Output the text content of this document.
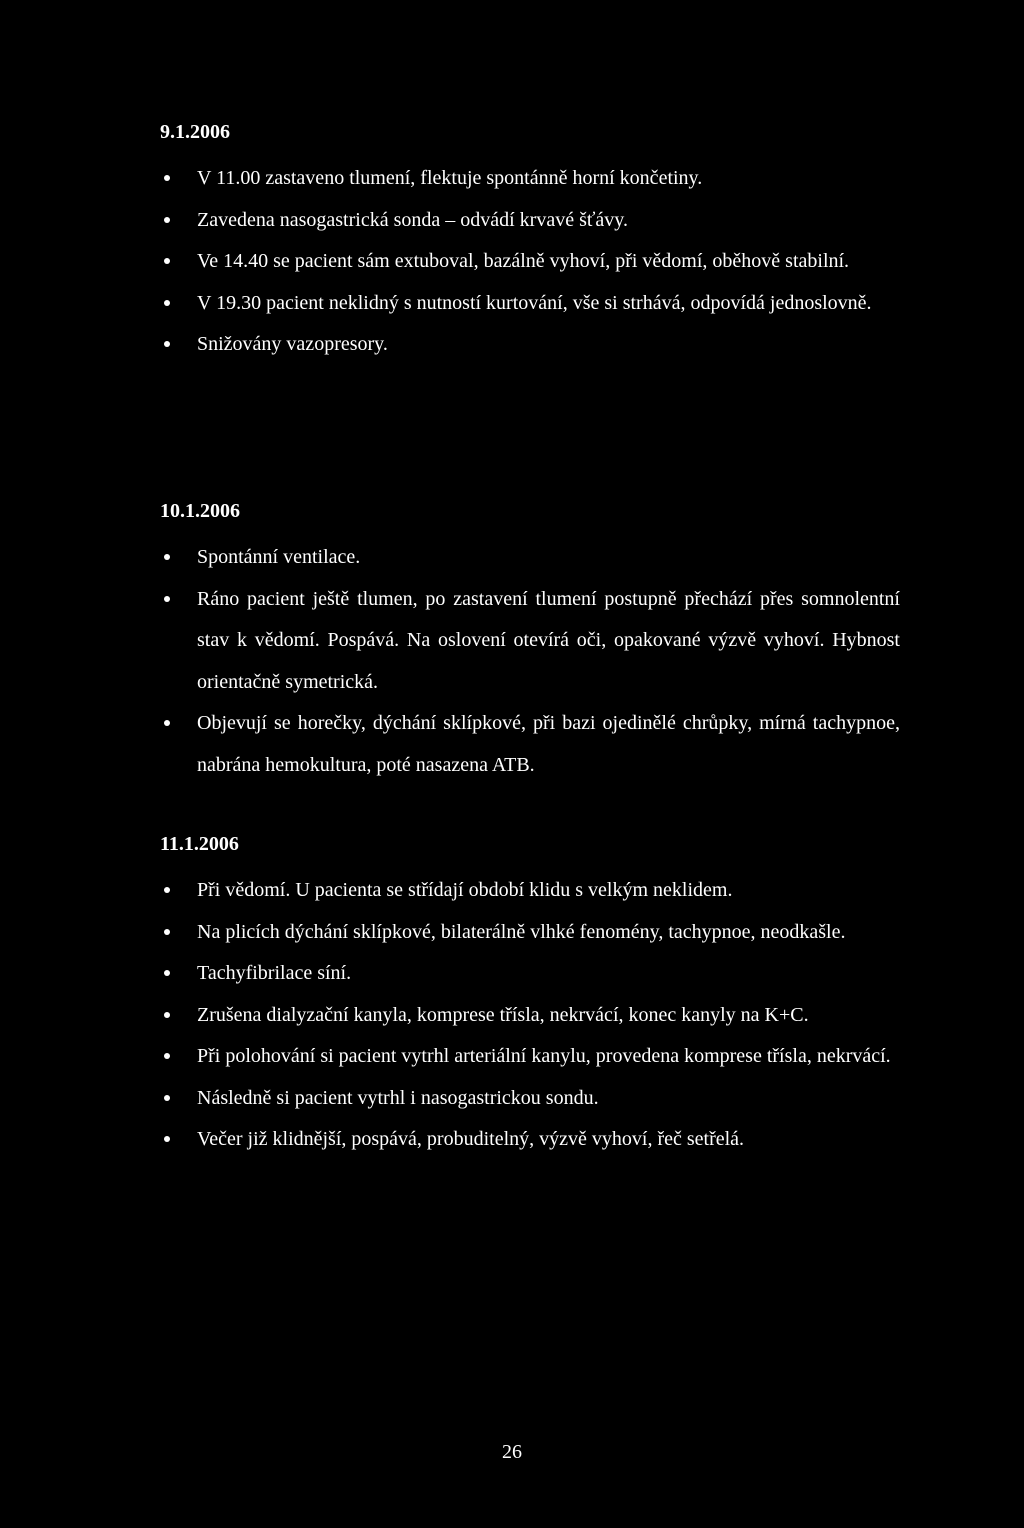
9.1.2006
V 11.00 zastaveno tlumení, flektuje spontánně horní končetiny.
Zavedena nasogastrická sonda – odvádí krvavé šťávy.
Ve 14.40 se pacient sám extuboval, bazálně vyhoví, při vědomí, oběhově stabilní.
V 19.30 pacient neklidný s nutností kurtování, vše si strhává, odpovídá jednoslovně.
Snižovány vazopresory.
10.1.2006
Spontánní ventilace.
Ráno pacient ještě tlumen, po zastavení tlumení postupně přechází přes somnolentní stav k vědomí. Pospává. Na oslovení otevírá oči, opakované výzvě vyhoví. Hybnost orientačně symetrická.
Objevují se horečky, dýchání sklípkové, při bazi ojedinělé chrůpky, mírná tachypnoe, nabrána hemokultura, poté nasazena ATB.
11.1.2006
Při vědomí. U pacienta se střídají období klidu s velkým neklidem.
Na plicích dýchání sklípkové, bilaterálně vlhké fenomény, tachypnoe, neodkašle.
Tachyfibrilace síní.
Zrušena dialyzační kanyla, komprese třísla, nekrvácí, konec kanyly na K+C.
Při polohování si pacient vytrhl arteriální kanylu, provedena komprese třísla, nekrvácí.
Následně si pacient vytrhl i nasogastrickou sondu.
Večer již klidnější, pospává, probuditelný, výzvě vyhoví, řeč setřelá.
26
